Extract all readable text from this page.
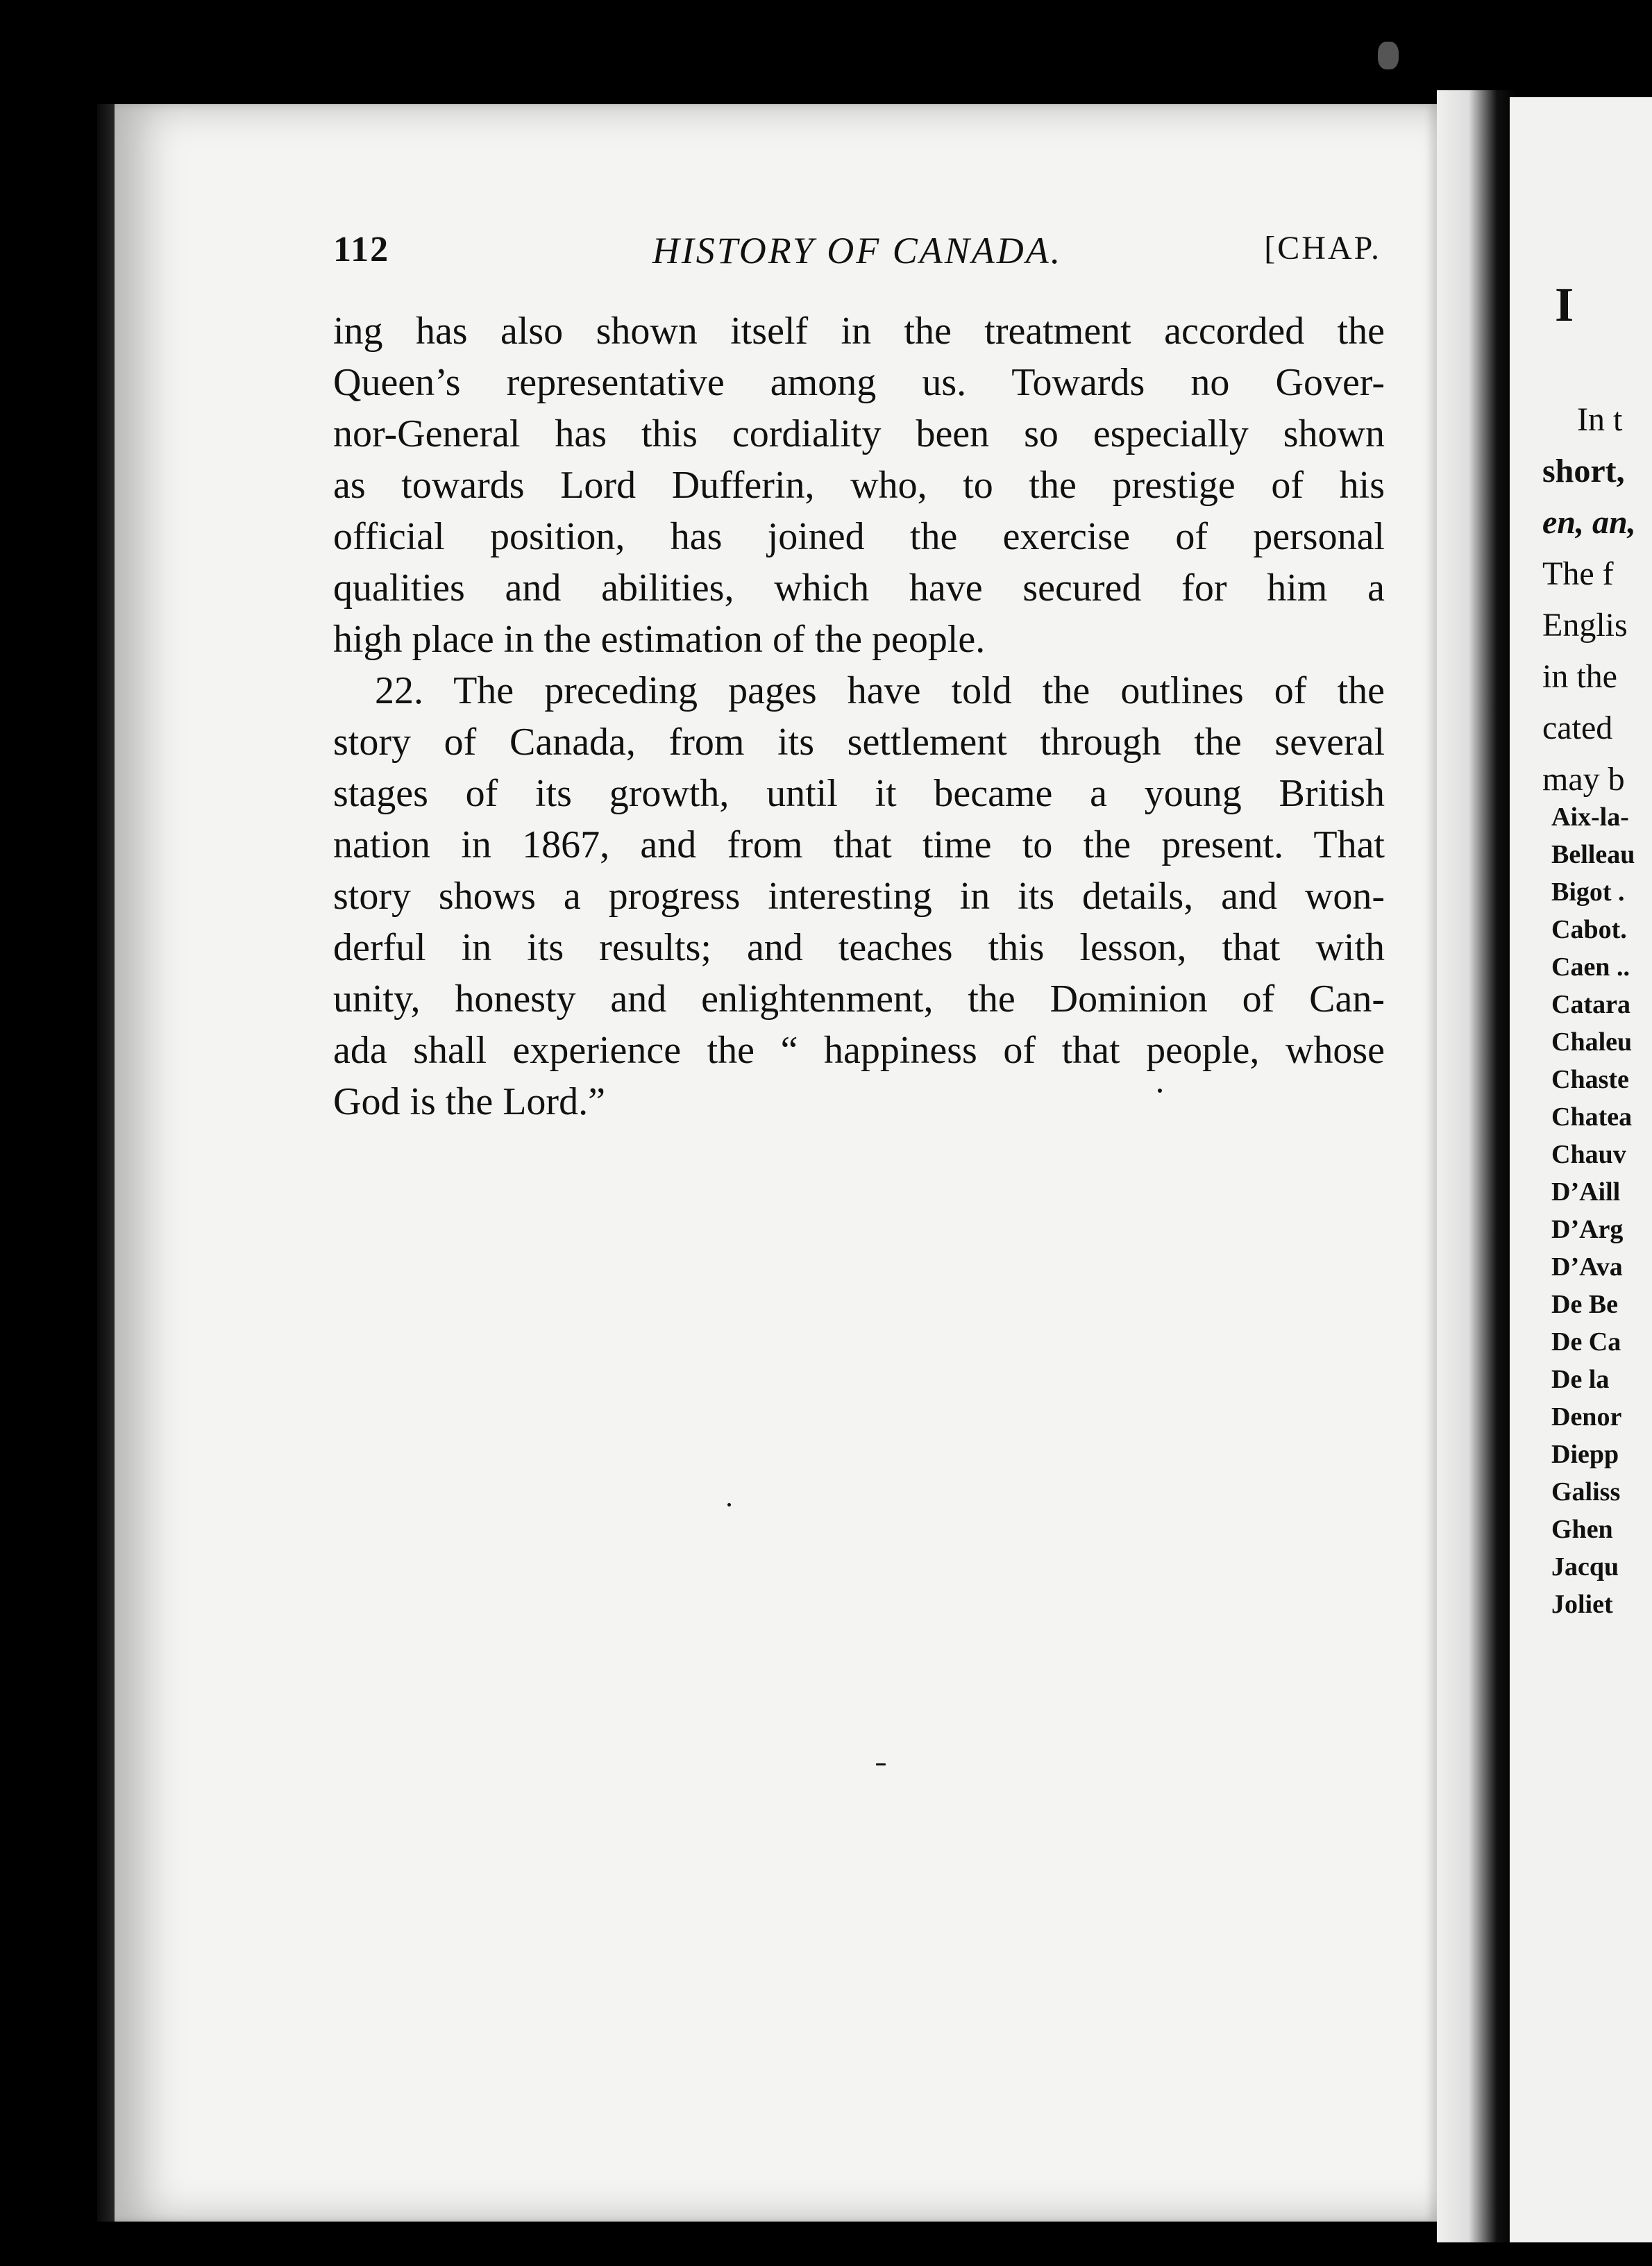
112	HISTORY OF CANADA.	[CHAP.
ing has also shown itself in the treatment accorded the
Queen’s representative among us. Towards no Gover-
nor-General has this cordiality been so especially shown
as towards Lord Dufferin, who, to the prestige of his
official position, has joined the exercise of personal
qualities and abilities, which have secured for him a
high place in the estimation of the people.
22. The preceding pages have told the outlines of the
story of Canada, from its settlement through the several
stages of its growth, until it became a young British
nation in 1867, and from that time to the present. That
story shows a progress interesting in its details, and won-
derful in its results; and teaches this lesson, that with
unity, honesty and enlightenment, the Dominion of Can-
ada shall experience the “ happiness of that people, whose
God is the Lord.”
I
In t
short,
en, an,
The f
Englis
in the
cated
may b
Aix-la-
Belleau
Bigot .
Cabot.
Caen ..
Catara
Chaleu
Chaste
Chatea
Chauv
D’Aill
D’Arg
D’Ava
De Be
De Ca
De la
Denor
Diepp
Galiss
Ghen
Jacqu
Joliet
